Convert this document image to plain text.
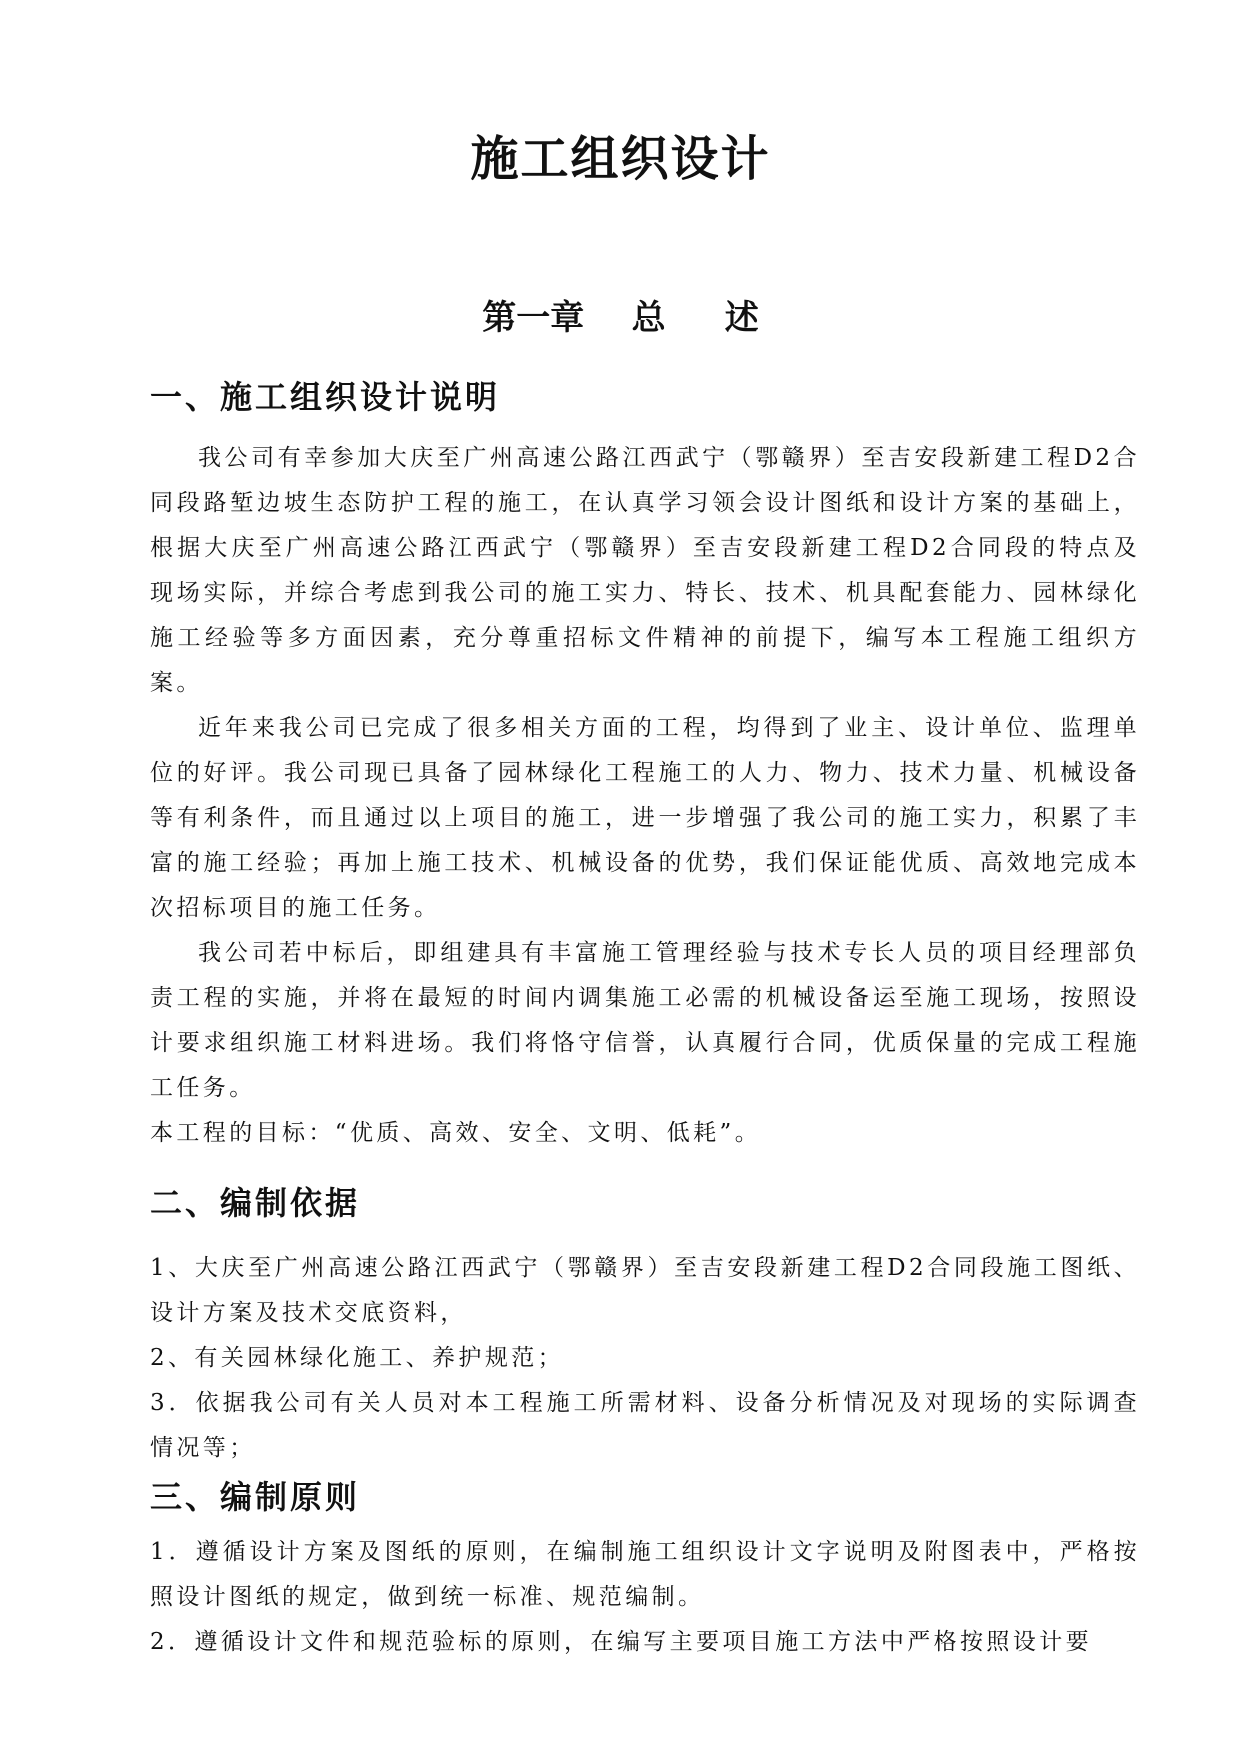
施工组织设计
第一章    总     述
一、施工组织设计说明

我公司有幸参加大庆至广州高速公路江西武宁（鄂赣界）至吉安段新建工程D2合同段路堑边坡生态防护工程的施工，在认真学习领会设计图纸和设计方案的基础上，根据大庆至广州高速公路江西武宁（鄂赣界）至吉安段新建工程D2合同段的特点及现场实际，并综合考虑到我公司的施工实力、特长、技术、机具配套能力、园林绿化施工经验等多方面因素，充分尊重招标文件精神的前提下，编写本工程施工组织方案。

近年来我公司已完成了很多相关方面的工程，均得到了业主、设计单位、监理单位的好评。我公司现已具备了园林绿化工程施工的人力、物力、技术力量、机械设备等有利条件，而且通过以上项目的施工，进一步增强了我公司的施工实力，积累了丰富的施工经验；再加上施工技术、机械设备的优势，我们保证能优质、高效地完成本次招标项目的施工任务。

我公司若中标后，即组建具有丰富施工管理经验与技术专长人员的项目经理部负责工程的实施，并将在最短的时间内调集施工必需的机械设备运至施工现场，按照设计要求组织施工材料进场。我们将恪守信誉，认真履行合同，优质保量的完成工程施工任务。

本工程的目标：“优质、高效、安全、文明、低耗”。

二、编制依据

1、大庆至广州高速公路江西武宁（鄂赣界）至吉安段新建工程D2合同段施工图纸、设计方案及技术交底资料，

2、有关园林绿化施工、养护规范；

3．依据我公司有关人员对本工程施工所需材料、设备分析情况及对现场的实际调查情况等；

三、编制原则

1．遵循设计方案及图纸的原则，在编制施工组织设计文字说明及附图表中，严格按照设计图纸的规定，做到统一标准、规范编制。

2．遵循设计文件和规范验标的原则，在编写主要项目施工方法中严格按照设计要
